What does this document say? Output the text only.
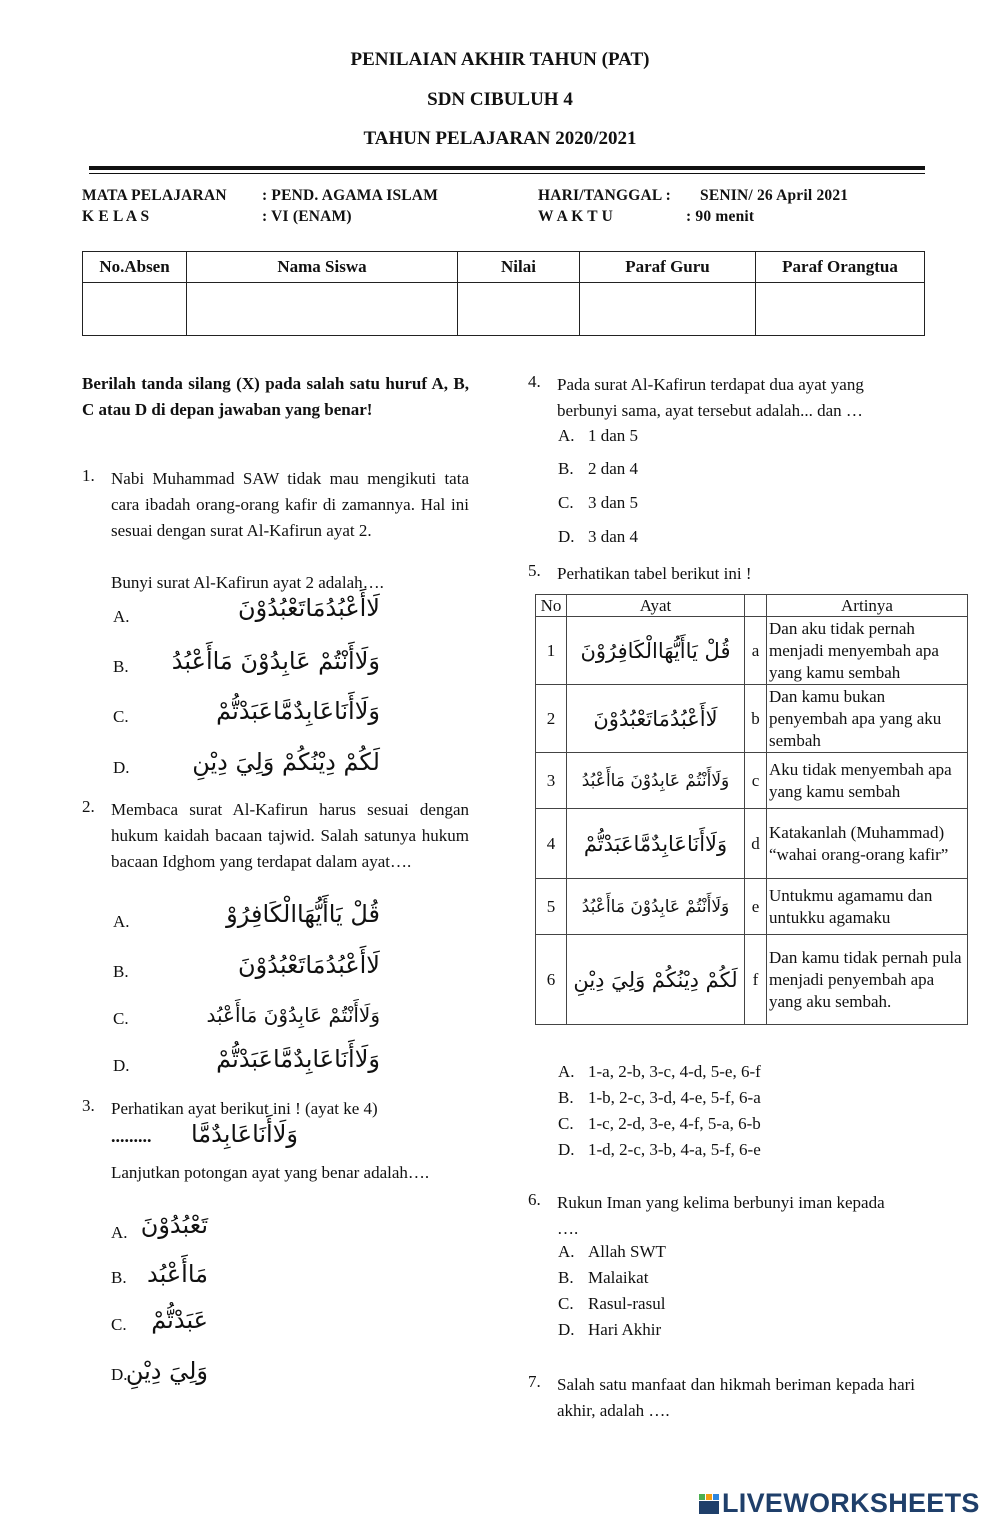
PENILAIAN AKHIR TAHUN (PAT)
SDN CIBULUH 4
TAHUN PELAJARAN 2020/2021
MATA PELAJARAN : PEND. AGAMA ISLAM
K E L A S	: VI (ENAM)
HARI/TANGGAL : SENIN/ 26 April 2021
W A K T U	: 90 menit
No.Absen	Nama Siswa	Nilai	Paraf Guru	Paraf Orangtua

Berilah tanda silang (X) pada salah satu huruf A, B, C atau D di depan jawaban yang benar!
1. Nabi Muhammad SAW tidak mau mengikuti tata cara ibadah orang-orang kafir di zamannya. Hal ini sesuai dengan surat Al-Kafirun ayat 2.
Bunyi surat Al-Kafirun ayat 2 adalah….
A.	لَاأَعْبُدُمَاتَعْبُدُوْنَ
B. وَلَاأَنْتُمْ عَابِدُوْنَ مَاأَعْبُدُ
C.	وَلَاأَنَاعَابِدٌمَّاعَبَدْتُّمْ
D.	لَكُمْ دِيْنُكُمْ وَلِيَ دِيْنِ
2. Membaca surat Al-Kafirun harus sesuai dengan hukum kaidah bacaan tajwid. Salah satunya hukum bacaan Idghom yang terdapat dalam ayat….
A.	قُلْ يَاأَيُّهَاالْكَافِرُوْ
B.	لَاأَعْبُدُمَاتَعْبُدُوْنَ
C.	وَلَاأَنْتُمْ عَابِدُوْنَ مَاأَعْبُد
D.	وَلَاأَنَاعَابِدٌمَّاعَبَدْتُّمْ
3. Perhatikan ayat berikut ini ! (ayat ke 4)
......... وَلَاأَنَاعَابِدٌمَّا
Lanjutkan potongan ayat yang benar adalah….
A. تَعْبُدُوْنَ
B. مَاأَعْبُد
C. عَبَدْتُّمْ
D.
وَلِيَ دِيْنِ
4. Pada surat Al-Kafirun terdapat dua ayat yang berbunyi sama, ayat tersebut adalah... dan …
A. 1 dan 5
B. 2 dan 4
C. 3 dan 5
D. 3 dan 4
5. Perhatikan tabel berikut ini !
No	Ayat		Artinya
1	قُلْ يَاأَيُّهَاالْكَافِرُوْنَ	a	Dan aku tidak pernah menjadi menyembah apa yang kamu sembah
2	لَاأَعْبُدُمَاتَعْبُدُوْنَ	b	Dan kamu bukan penyembah apa yang aku sembah
3	وَلَاأَنْتُمْ عَابِدُوْنَ مَاأَعْبُدُ	c	Aku tidak menyembah apa yang kamu sembah
4	وَلَاأَنَاعَابِدٌمَّاعَبَدْتُّمْ	d	Katakanlah (Muhammad) “wahai orang-orang kafir”
5	وَلَاأَنْتُمْ عَابِدُوْنَ مَاأَعْبُدُ	e	Untukmu agamamu dan untukku agamaku
6	لَكُمْ دِيْنُكُمْ وَلِيَ دِيْنِ	f	Dan kamu tidak pernah pula menjadi penyembah apa yang aku sembah.
A. 1-a, 2-b, 3-c, 4-d, 5-e, 6-f
B. 1-b, 2-c, 3-d, 4-e, 5-f, 6-a
C. 1-c, 2-d, 3-e, 4-f, 5-a, 6-b
D. 1-d, 2-c, 3-b, 4-a, 5-f, 6-e
6. Rukun Iman yang kelima berbunyi iman kepada ….
A. Allah SWT
B. Malaikat
C. Rasul-rasul
D. Hari Akhir
7. Salah satu manfaat dan hikmah beriman kepada hari akhir, adalah ….
LIVEWORKSHEETS
